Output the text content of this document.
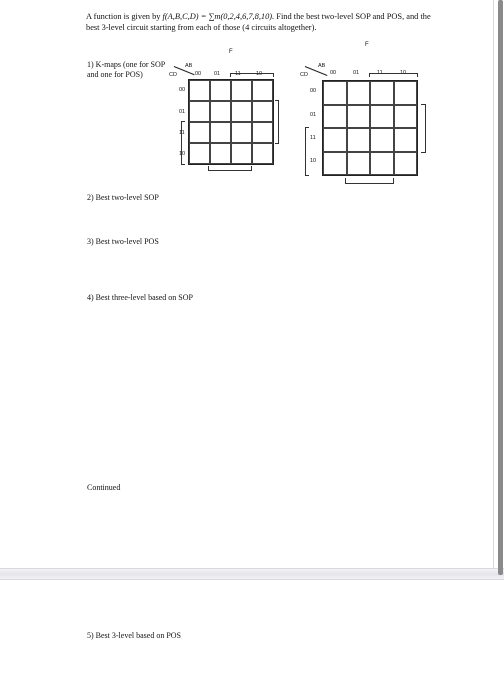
A function is given by f(A,B,C,D) = ∑m(0,2,4,6,7,8,10). Find the best two-level SOP and POS, and the best 3-level circuit starting from each of those (4 circuits altogether).
1) K-maps (one for SOP and one for POS)
F
AB
CD	00 01	11	10
00
01
11
10
F
AB
CD	00	01	11	10
00
01
11
10
2) Best two-level SOP
3) Best two-level POS
4) Best three-level based on SOP
Continued
5) Best 3-level based on POS
